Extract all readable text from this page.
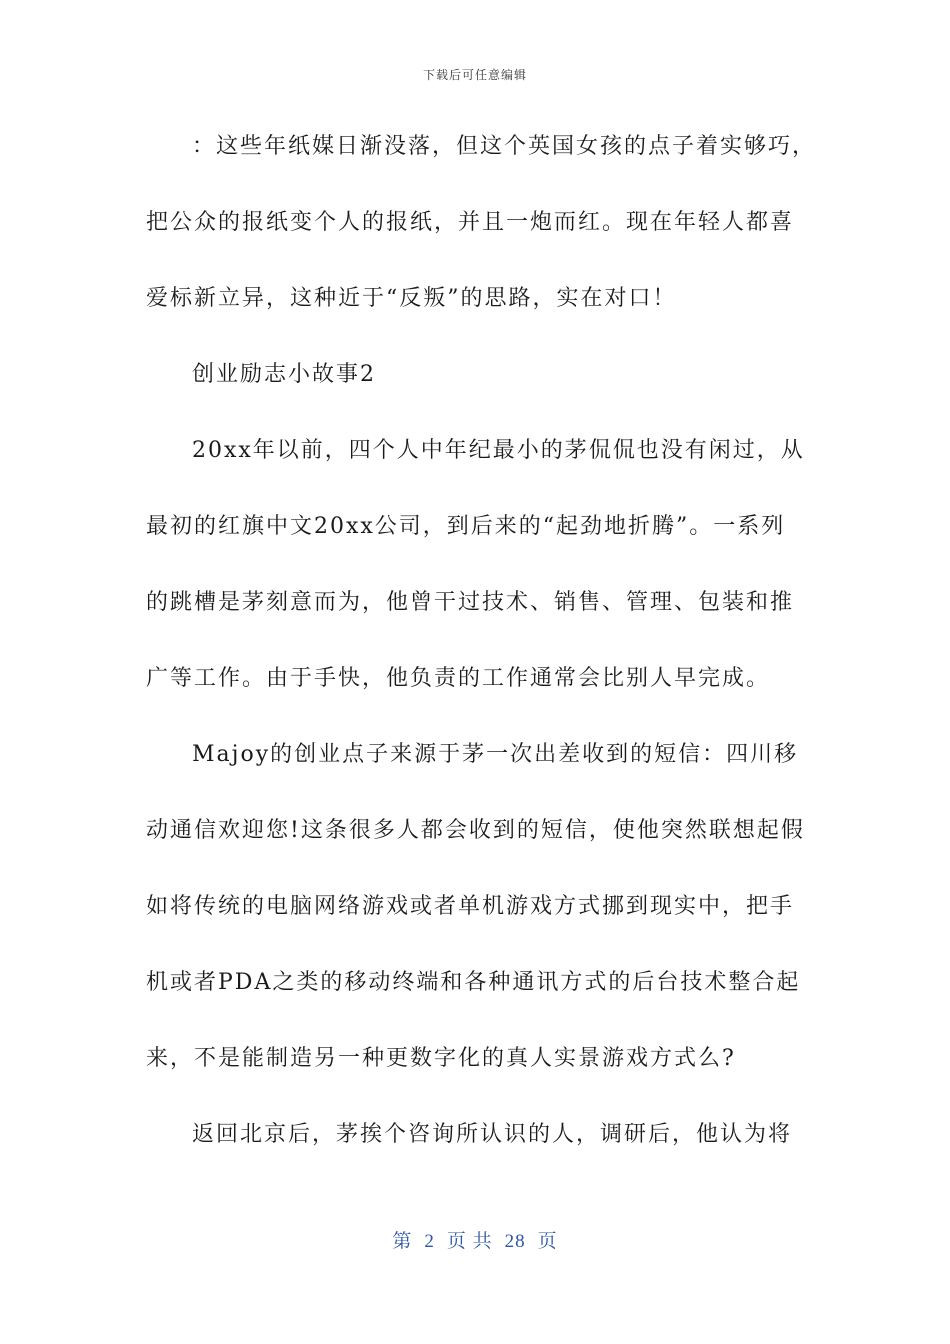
下载后可任意编辑
：这些年纸媒日渐没落，但这个英国女孩的点子着实够巧，
把公众的报纸变个人的报纸，并且一炮而红。现在年轻人都喜
爱标新立异，这种近于“反叛”的思路，实在对口！
创业励志小故事2
20xx年以前，四个人中年纪最小的茅侃侃也没有闲过，从
最初的红旗中文20xx公司，到后来的“起劲地折腾”。一系列
的跳槽是茅刻意而为，他曾干过技术、销售、管理、包装和推
广等工作。由于手快，他负责的工作通常会比别人早完成。
Majoy的创业点子来源于茅一次出差收到的短信：四川移
动通信欢迎您!这条很多人都会收到的短信，使他突然联想起假
如将传统的电脑网络游戏或者单机游戏方式挪到现实中，把手
机或者PDA之类的移动终端和各种通讯方式的后台技术整合起
来，不是能制造另一种更数字化的真人实景游戏方式么?
返回北京后，茅挨个咨询所认识的人，调研后，他认为将
第 2 页 共 28 页
